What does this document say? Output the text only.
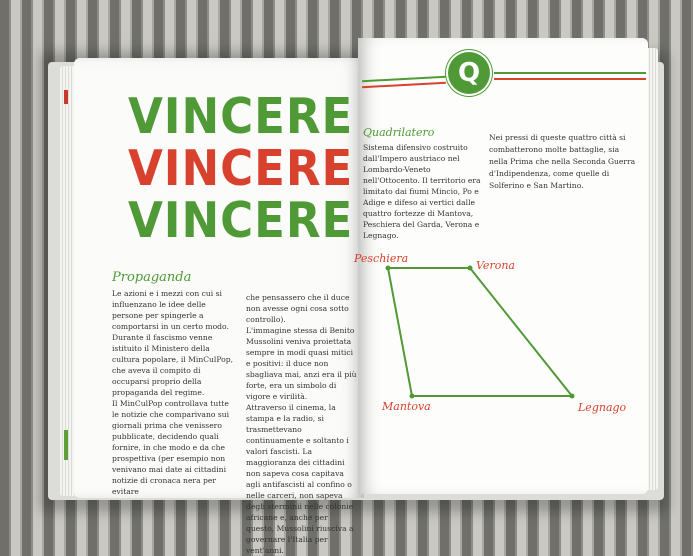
VINCERE
VINCERE
VINCERE
Propaganda

Le azioni e i mezzi con cui si influenzano le idee delle persone per spingerle a comportarsi in un certo modo.

Durante il fascismo venne istituito il Ministero della cultura popolare, il MinCulPop, che aveva il compito di occuparsi proprio della propaganda del regime.

Il MinCulPop controllava tutte le notizie che comparivano sui giornali prima che venissero pubblicate, decidendo quali fornire, in che modo e da che prospettiva (per esempio non venivano mai date ai cittadini notizie di cronaca nera per evitare

che pensassero che il duce non avesse ogni cosa sotto controllo).

L'immagine stessa di Benito Mussolini veniva proiettata sempre in modi quasi mitici e positivi: il duce non sbagliava mai, anzi era il più forte, era un simbolo di vigore e virilità.

Attraverso il cinema, la stampa e la radio, si trasmettevano continuamente e soltanto i valori fascisti. La maggioranza dei cittadini non sapeva cosa capitava agli antifascisti al confino o nelle carceri, non sapeva degli sterminii nelle colonie africane e, anche per questo, Mussolini riusciva a governare l'Italia per vent'anni.

Q
Quadrilatero
Sistema difensivo costruito dall'Impero austriaco nel Lombardo-Veneto nell'Ottocento. Il territorio era limitato dai fiumi Mincio, Po e Adige e difeso ai vertici dalle quattro fortezze di Mantova, Peschiera del Garda, Verona e Legnago.
Nei pressi di queste quattro città si combatterono molte battaglie, sia nella Prima che nella Seconda Guerra d'Indipendenza, come quelle di Solferino e San Martino.
Peschiera
Verona
Mantova	Legnago
